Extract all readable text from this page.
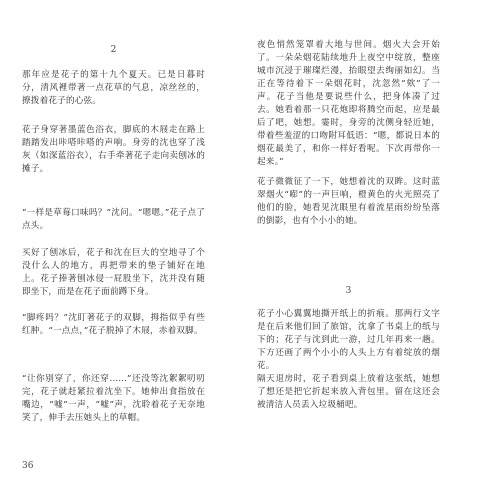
2
那年应是花子的第十九个夏天。已是日暮时分，清风裡带著一点花草的气息，凉丝丝的，撩拨着花子的心弦。
花子身穿著墨蓝色浴衣，脚底的木屐走在路上踏踏发出咔嗒咔嗒的声响。身旁的沈也穿了浅灰（如深蓝浴衣），右手牵著花子走向卖刨冰的摊子。
“一样是草莓口味吗？”沈问。“嗯嗯。”花子点了点头。
买好了刨冰后，花子和沈在巨大的空地寻了个没什么人的地方，再把带来的垫子铺好在地上。花子捧著刨冰侵一屁股坐下，沈并没有随即坐下，而是在花子面前蹲下身。
“脚疼吗？”沈盯著花子的双脚，拇指似乎有些红肿。“一点点，”花子脱掉了木屐，赤着双脚。
“让你别穿了，你还穿……”还没等沈絮絮叨叨完，花子就赶紧拉着沈坐下。她伸出食指放在嘴边，“嘘”一声，“嘘”声，沈聆着花子无奈地笑了，伸手去压她头上的草帽。
夜色悄然笼罩着大地与世间。烟火大会开始了。一朵朵烟花陆续地升上夜空中绽放，整座城市沉浸于璀璨烂漫，抬眼望去绚丽如幻。当正在等待着下一朵烟花时，沈忽然“欸”了一声。花子当他是要说些什么，把身体凑了过去。她看着那一只花炮即将腾空而起，应是最后了吧，她想。霎时，身旁的沈侧身轻近她，带着些羞涩的口吻附耳低语：“嗯，都说日本的烟花最美了，和你一样好看呢。下次再带你一起来。”
花子微微征了一下，她想着沈的双眸。这时蓝翠烟火“嘭”的一声巨响，橙黄色的火光照亮了他们的脸，她看见沈眼里有着流星雨纷纷坠落的倒影，也有个小小的她。
3
花子小心翼翼地撕开纸上的折痕。那两行文字是在后来他们回了旅馆，沈拿了书桌上的纸与下的；花子与沈到此一游，过几年再来一趟。下方还画了两个小小的人头上方有着绽放的烟花。
隔天退房时，花子看到桌上放着这张纸，她想了想还是把它折起来放入背包里。留在这还会被清洁人员丢入垃圾桶吧。
36
